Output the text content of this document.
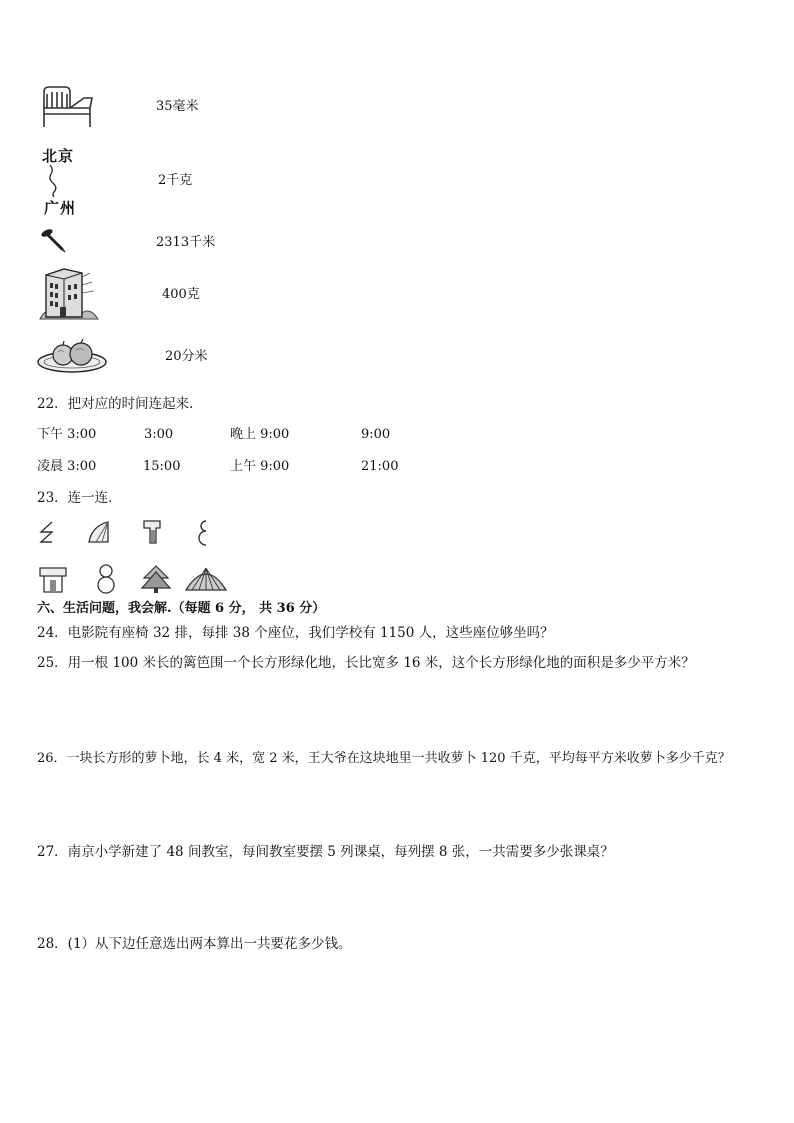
35毫米
北京
广州
2千克
2313千米
400克
20分米
22．把对应的时间连起来．
下午 3:00	3:00	晚上 9:00	9:00
凌晨 3:00	15:00	上午 9:00	21:00
23．连一连．
六、生活问题，我会解.（每题 6 分， 共 36 分）
24．电影院有座椅 32 排，每排 38 个座位，我们学校有 1150 人，这些座位够坐吗？
25．用一根 100 米长的篱笆围一个长方形绿化地，长比宽多 16 米，这个长方形绿化地的面积是多少平方米？
26．一块长方形的萝卜地，长 4 米，宽 2 米，王大爷在这块地里一共收萝卜 120 千克，平均每平方米收萝卜多少千克？
27．南京小学新建了 48 间教室，每间教室要摆 5 列课桌，每列摆 8 张，一共需要多少张课桌？
28．(1）从下边任意选出两本算出一共要花多少钱。
